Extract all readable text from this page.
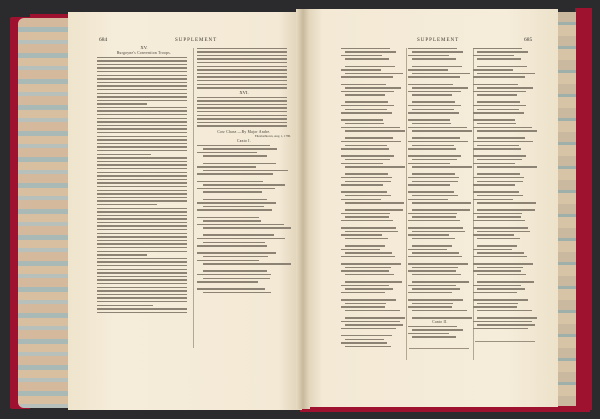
684	SUPPLEMENT
XV.
Burgoyne's Convention Troops.
XVI.
Cow Chase.—By Major Andre.
Elizabethtown, Aug. 1, 1780.
Canto I.
SUPPLEMENT	685
Canto II.
